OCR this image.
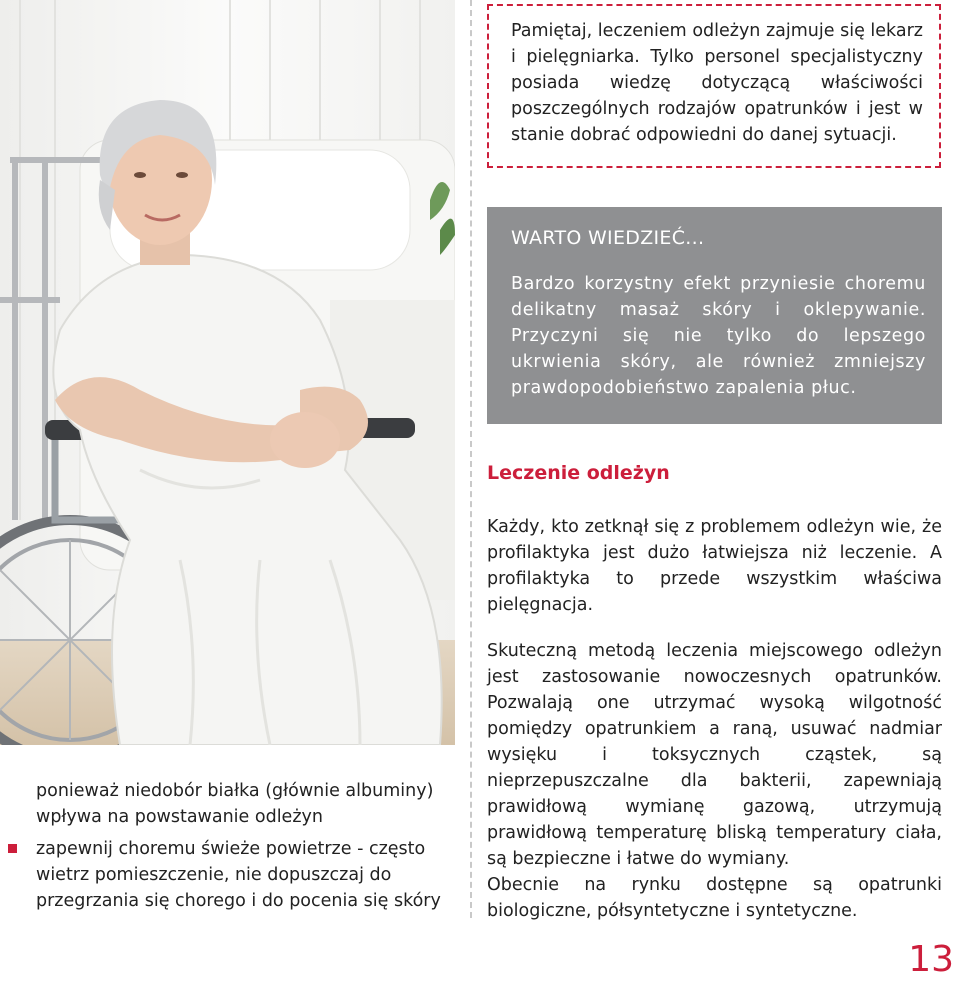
ponieważ niedobór białka (głównie albuminy) wpływa na powstawanie odleżyn

zapewnij choremu świeże powietrze - często wietrz pomieszczenie, nie dopuszczaj do przegrzania się chorego i do pocenia się skóry

Pamiętaj, leczeniem odleżyn zajmuje się lekarz i pielęgniarka. Tylko personel specjalistyczny posiada wiedzę dotyczącą właściwości poszczególnych rodzajów opatrunków i jest w stanie dobrać odpowiedni do danej sytuacji.

WARTO WIEDZIEĆ...

Bardzo korzystny efekt przyniesie choremu delikatny masaż skóry i oklepywanie. Przyczyni się nie tylko do lepszego ukrwienia skóry, ale również zmniejszy prawdopodobieństwo zapalenia płuc.

Leczenie odleżyn

Każdy, kto zetknął się z problemem odleżyn wie, że profilaktyka jest dużo łatwiejsza niż leczenie. A profilaktyka to przede wszystkim właściwa pielęgnacja.

Skuteczną metodą leczenia miejscowego odleżyn jest zastosowanie nowoczesnych opatrunków. Pozwalają one utrzymać wysoką wilgotność pomiędzy opatrunkiem a raną, usuwać nadmiar wysięku i toksycznych cząstek, są nieprzepuszczalne dla bakterii, zapewniają prawidłową wymianę gazową, utrzymują prawidłową temperaturę bliską temperatury ciała, są bezpieczne i łatwe do wymiany.

Obecnie na rynku dostępne są opatrunki biologiczne, półsyntetyczne i syntetyczne.

13
